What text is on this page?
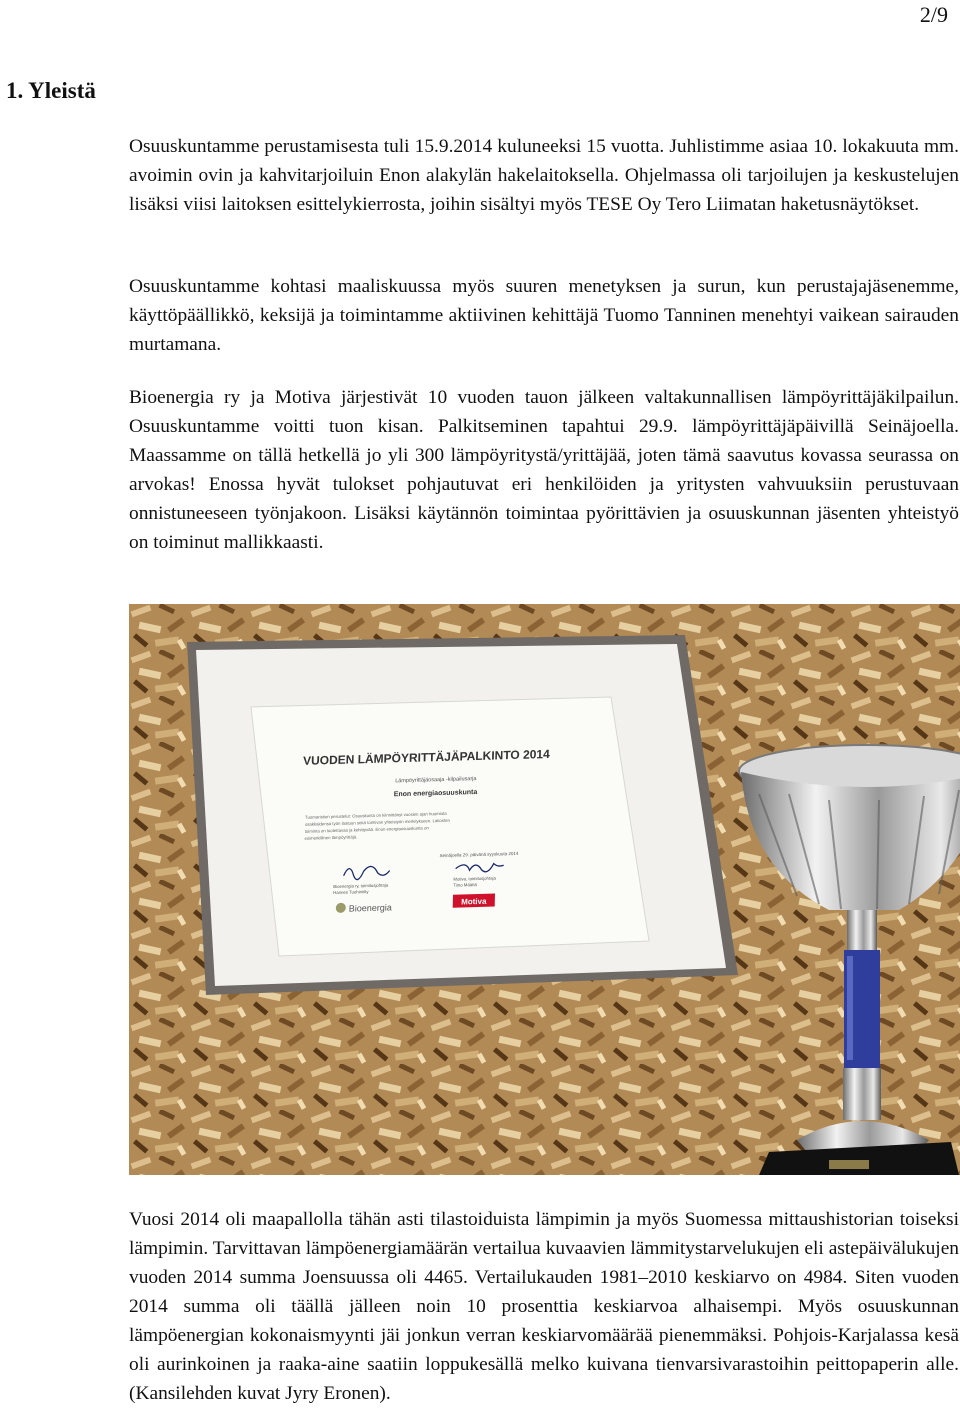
2/9
1. Yleistä

Osuuskuntamme perustamisesta tuli 15.9.2014 kuluneeksi 15 vuotta. Juhlistimme asiaa 10. lokakuuta mm. avoimin ovin ja kahvitarjoiluin Enon alakylän hakelaitoksella. Ohjelmassa oli tarjoilujen ja keskustelujen lisäksi viisi laitoksen esittelykierrosta, joihin sisältyi myös TESE Oy Tero Liimatan haketusnäytökset.

Osuuskuntamme kohtasi maaliskuussa myös suuren menetyksen ja surun, kun perustajajäsenemme, käyttöpäällikkö, keksijä ja toimintamme aktiivinen kehittäjä Tuomo Tanninen menehtyi vaikean sairauden murtamana.

Bioenergia ry ja Motiva järjestivät 10 vuoden tauon jälkeen valtakunnallisen lämpöyrittäjäkilpailun. Osuuskuntamme voitti tuon kisan. Palkitseminen tapahtui 29.9. lämpöyrittäjäpäivillä Seinäjoella. Maassamme on tällä hetkellä jo yli 300 lämpöyritystä/yrittäjää, joten tämä saavutus kovassa seurassa on arvokas! Enossa hyvät tulokset pohjautuvat eri henkilöiden ja yritysten vahvuuksiin perustuvaan onnistuneeseen työnjakoon. Lisäksi käytännön toimintaa pyörittävien ja osuuskunnan jäsenten yhteistyö on toiminut mallikkaasti.

VUODEN LÄMPÖYRITTÄJÄPALKINTO 2014
Lämpöyrittäjäosaaja -kilpailusarja
Enon energiaosuuskunta
Tuomaristion perustelut: Osuuskunta on kiinnittänyt vuosien ajan huomiota
osakkaidensa työn laatuun sekä toimivan yhteistyön merkitykseen. Laitosten
toiminta on luotettavaa ja kehittyvää. Enon energiaosuuskunta on
esimerkillinen lämpöyrittäjä.
Seinäjoella 29. päivänä syyskuuta 2014
Bioenergia ry, toimitusjohtaja
Hannes Tuohiniitty
Motiva, toimitusjohtaja
Timo Määttä
Bioenergia
Motiva

Vuosi 2014 oli maapallolla tähän asti tilastoiduista lämpimin ja myös Suomessa mittaushistorian toiseksi lämpimin. Tarvittavan lämpöenergiamäärän vertailua kuvaavien lämmitystarvelukujen eli astepäivälukujen vuoden 2014 summa Joensuussa oli 4465. Vertailukauden 1981–2010 keskiarvo on 4984. Siten vuoden 2014 summa oli täällä jälleen noin 10 prosenttia keskiarvoa alhaisempi. Myös osuuskunnan lämpöenergian kokonaismyynti jäi jonkun verran keskiarvomäärää pienemmäksi. Pohjois-Karjalassa kesä oli aurinkoinen ja raaka-aine saatiin loppukesällä melko kuivana tienvarsivarastoihin peittopaperin alle. (Kansilehden kuvat Jyry Eronen).
